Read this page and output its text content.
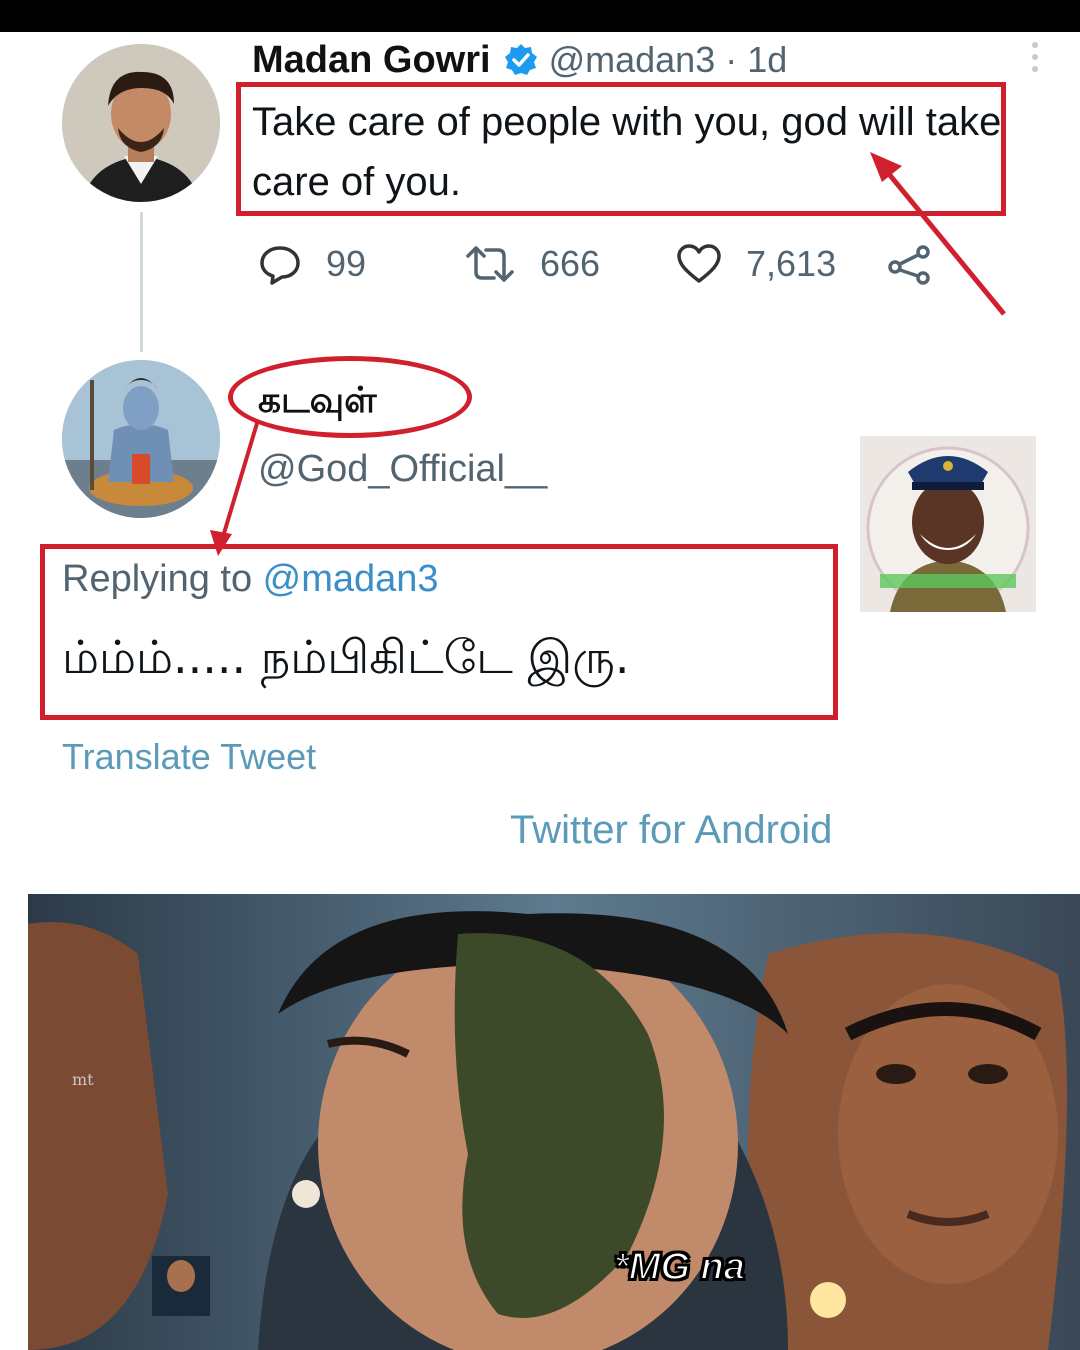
Madan Gowri @madan3 · 1d
Take care of people with you, god will take care of you.
99	666	7,613
கடவுள்
@God_Official__
Replying to @madan3
ம்ம்ம்..... நம்பிகிட்டே இரு.
Translate Tweet
Twitter for Android
mt
*MG na
